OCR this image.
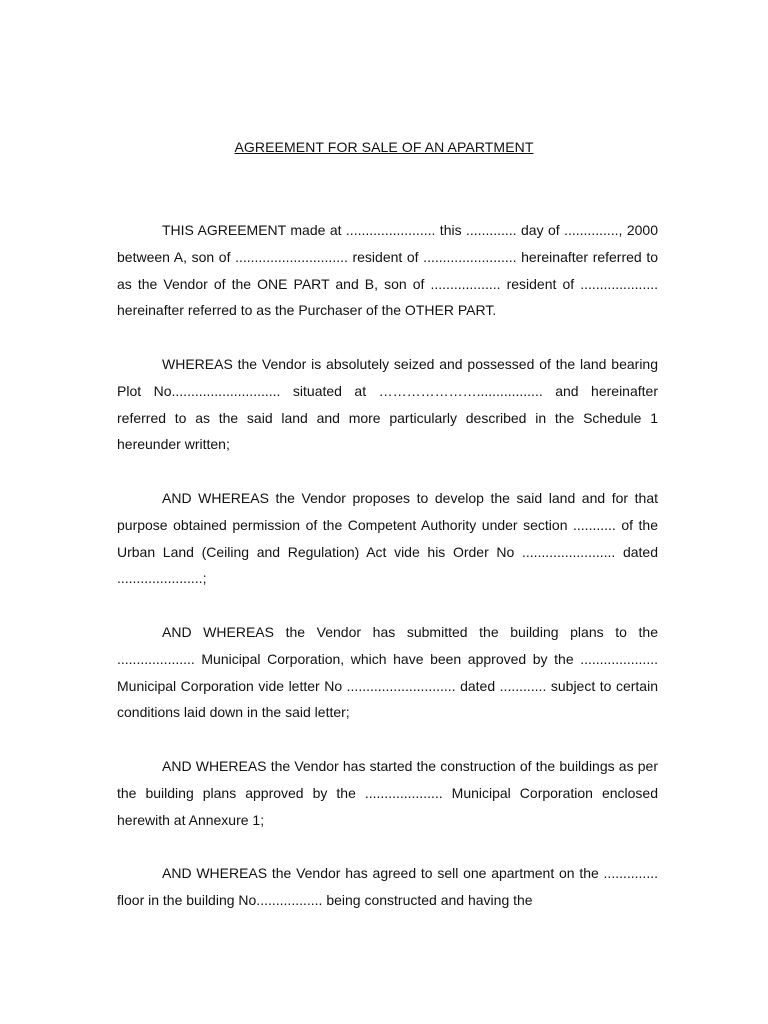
AGREEMENT FOR SALE OF AN APARTMENT

THIS AGREEMENT made at ....................... this ............. day of .............., 2000 between A, son of ............................. resident of ........................ hereinafter referred to as the Vendor of the ONE PART and B, son of .................. resident of .................... hereinafter referred to as the Purchaser of the OTHER PART.

WHEREAS the Vendor is absolutely seized and possessed of the land bearing Plot No............................ situated at …………………................. and hereinafter referred to as the said land and more particularly described in the Schedule 1 hereunder written;

AND WHEREAS the Vendor proposes to develop the said land and for that purpose obtained permission of the Competent Authority under section ........... of the Urban Land (Ceiling and Regulation) Act vide his Order No ........................ dated ......................;

AND WHEREAS the Vendor has submitted the building plans to the .................... Municipal Corporation, which have been approved by the .................... Municipal Corporation vide letter No ............................ dated ............ subject to certain conditions laid down in the said letter;

AND WHEREAS the Vendor has started the construction of the buildings as per the building plans approved by the .................... Municipal Corporation enclosed herewith at Annexure 1;

AND WHEREAS the Vendor has agreed to sell one apartment on the .............. floor in the building No................. being constructed and having the
